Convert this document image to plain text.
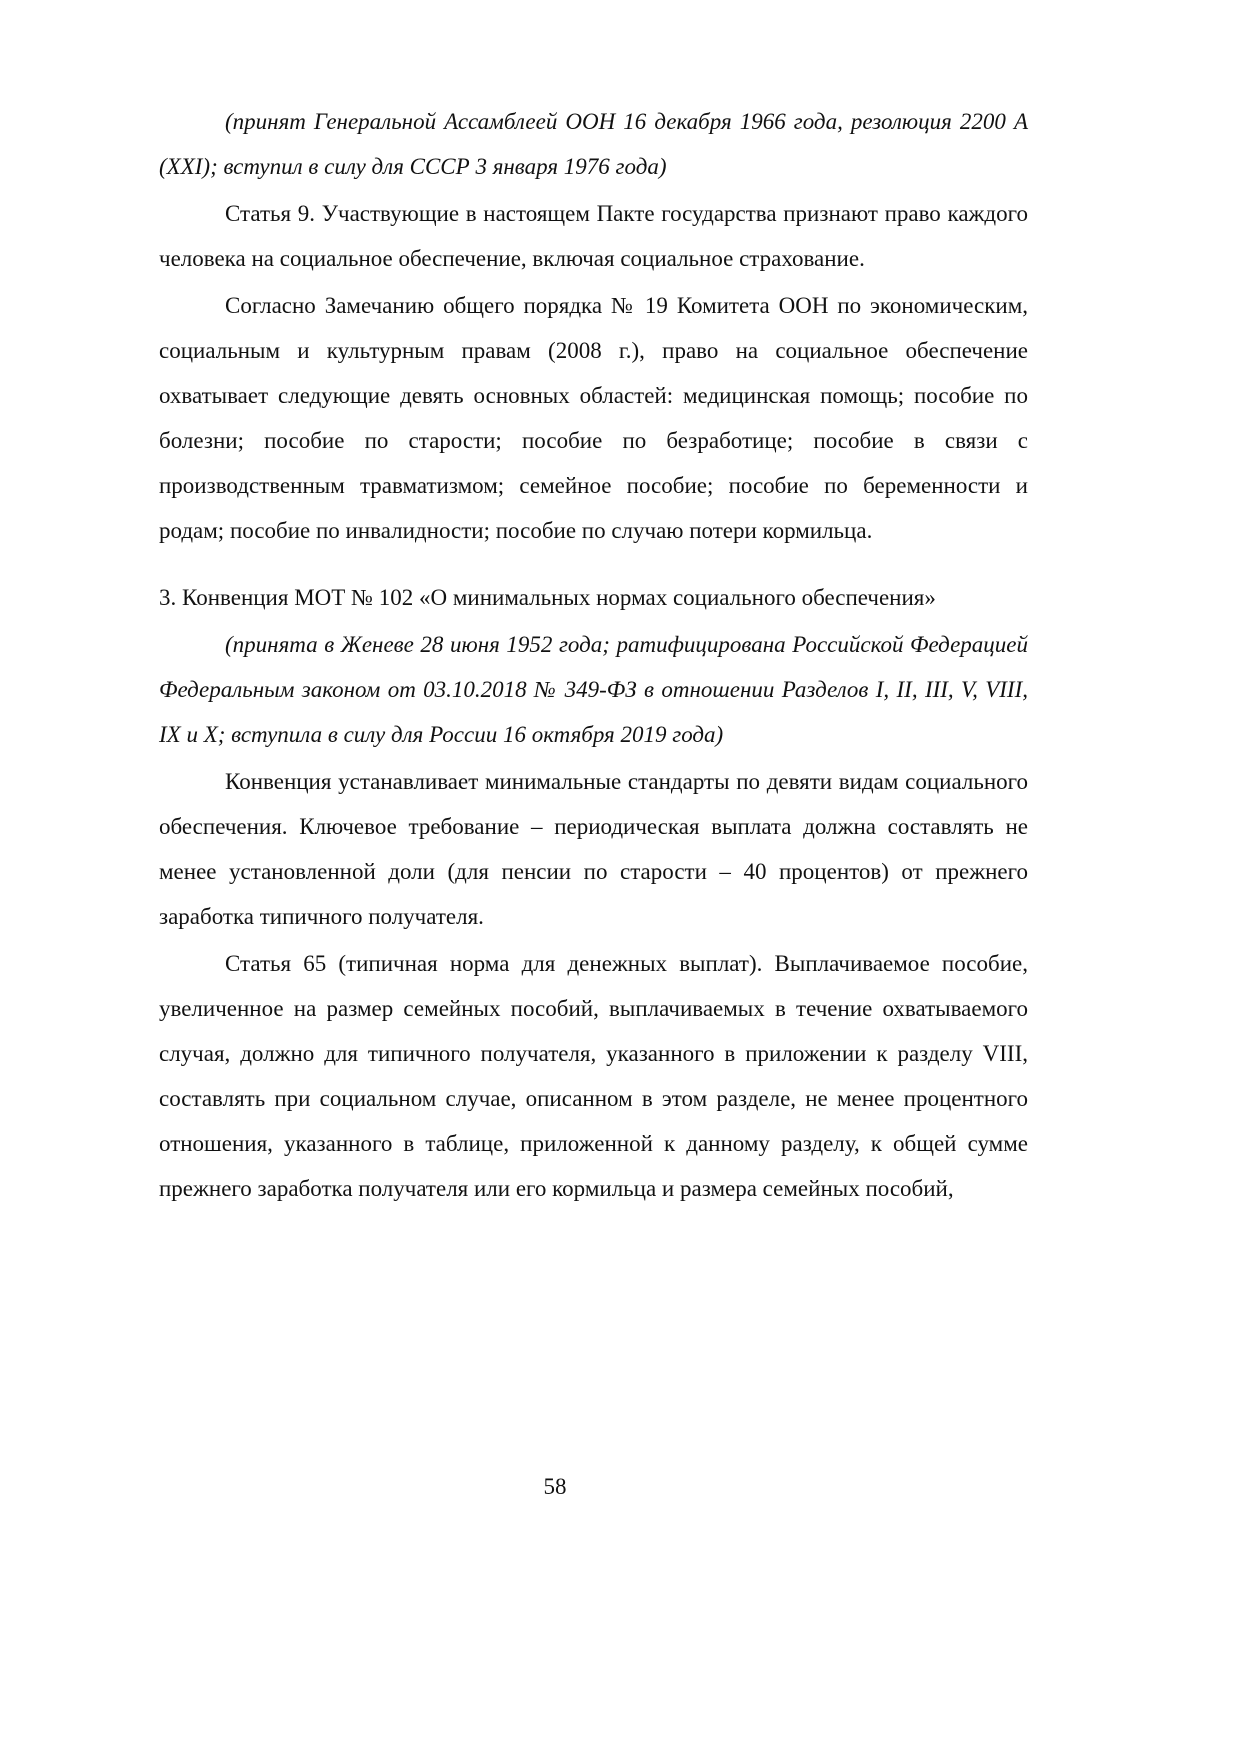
(принят Генеральной Ассамблеей ООН 16 декабря 1966 года, резолюция 2200 A (XXI); вступил в силу для СССР 3 января 1976 года)

Статья 9. Участвующие в настоящем Пакте государства признают право каждого человека на социальное обеспечение, включая социальное страхование.

Согласно Замечанию общего порядка № 19 Комитета ООН по экономическим, социальным и культурным правам (2008 г.), право на социальное обеспечение охватывает следующие девять основных областей: медицинская помощь; пособие по болезни; пособие по старости; пособие по безработице; пособие в связи с производственным травматизмом; семейное пособие; пособие по беременности и родам; пособие по инвалидности; пособие по случаю потери кормильца.

3. Конвенция МОТ № 102 «О минимальных нормах социального обеспечения»

(принята в Женеве 28 июня 1952 года; ратифицирована Российской Федерацией Федеральным законом от 03.10.2018 № 349-ФЗ в отношении Разделов I, II, III, V, VIII, IX и X; вступила в силу для России 16 октября 2019 года)

Конвенция устанавливает минимальные стандарты по девяти видам социального обеспечения. Ключевое требование – периодическая выплата должна составлять не менее установленной доли (для пенсии по старости – 40 процентов) от прежнего заработка типичного получателя.

Статья 65 (типичная норма для денежных выплат). Выплачиваемое пособие, увеличенное на размер семейных пособий, выплачиваемых в течение охватываемого случая, должно для типичного получателя, указанного в приложении к разделу VIII, составлять при социальном случае, описанном в этом разделе, не менее процентного отношения, указанного в таблице, приложенной к данному разделу, к общей сумме прежнего заработка получателя или его кормильца и размера семейных пособий,

58
